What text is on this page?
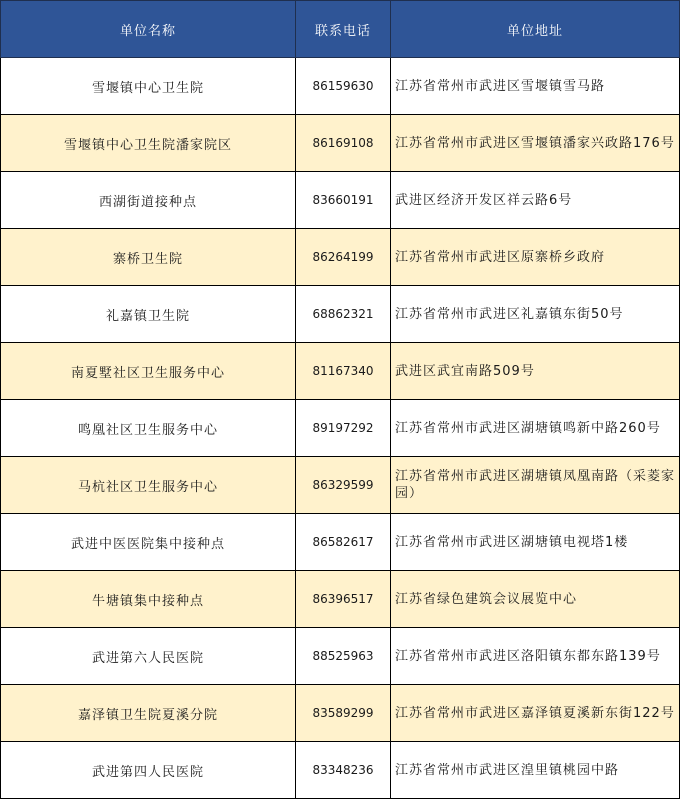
单位名称	联系电话	单位地址
雪堰镇中心卫生院	86159630	江苏省常州市武进区雪堰镇雪马路
雪堰镇中心卫生院潘家院区	86169108	江苏省常州市武进区雪堰镇潘家兴政路176号
西湖街道接种点	83660191	武进区经济开发区祥云路6号
寨桥卫生院	86264199	江苏省常州市武进区原寨桥乡政府
礼嘉镇卫生院	68862321	江苏省常州市武进区礼嘉镇东街50号
南夏墅社区卫生服务中心	81167340	武进区武宜南路509号
鸣凰社区卫生服务中心	89197292	江苏省常州市武进区湖塘镇鸣新中路260号
马杭社区卫生服务中心	86329599	江苏省常州市武进区湖塘镇凤凰南路（采菱家园）
武进中医医院集中接种点	86582617	江苏省常州市武进区湖塘镇电视塔1楼
牛塘镇集中接种点	86396517	江苏省绿色建筑会议展览中心
武进第六人民医院	88525963	江苏省常州市武进区洛阳镇东都东路139号
嘉泽镇卫生院夏溪分院	83589299	江苏省常州市武进区嘉泽镇夏溪新东街122号
武进第四人民医院	83348236	江苏省常州市武进区湟里镇桃园中路
